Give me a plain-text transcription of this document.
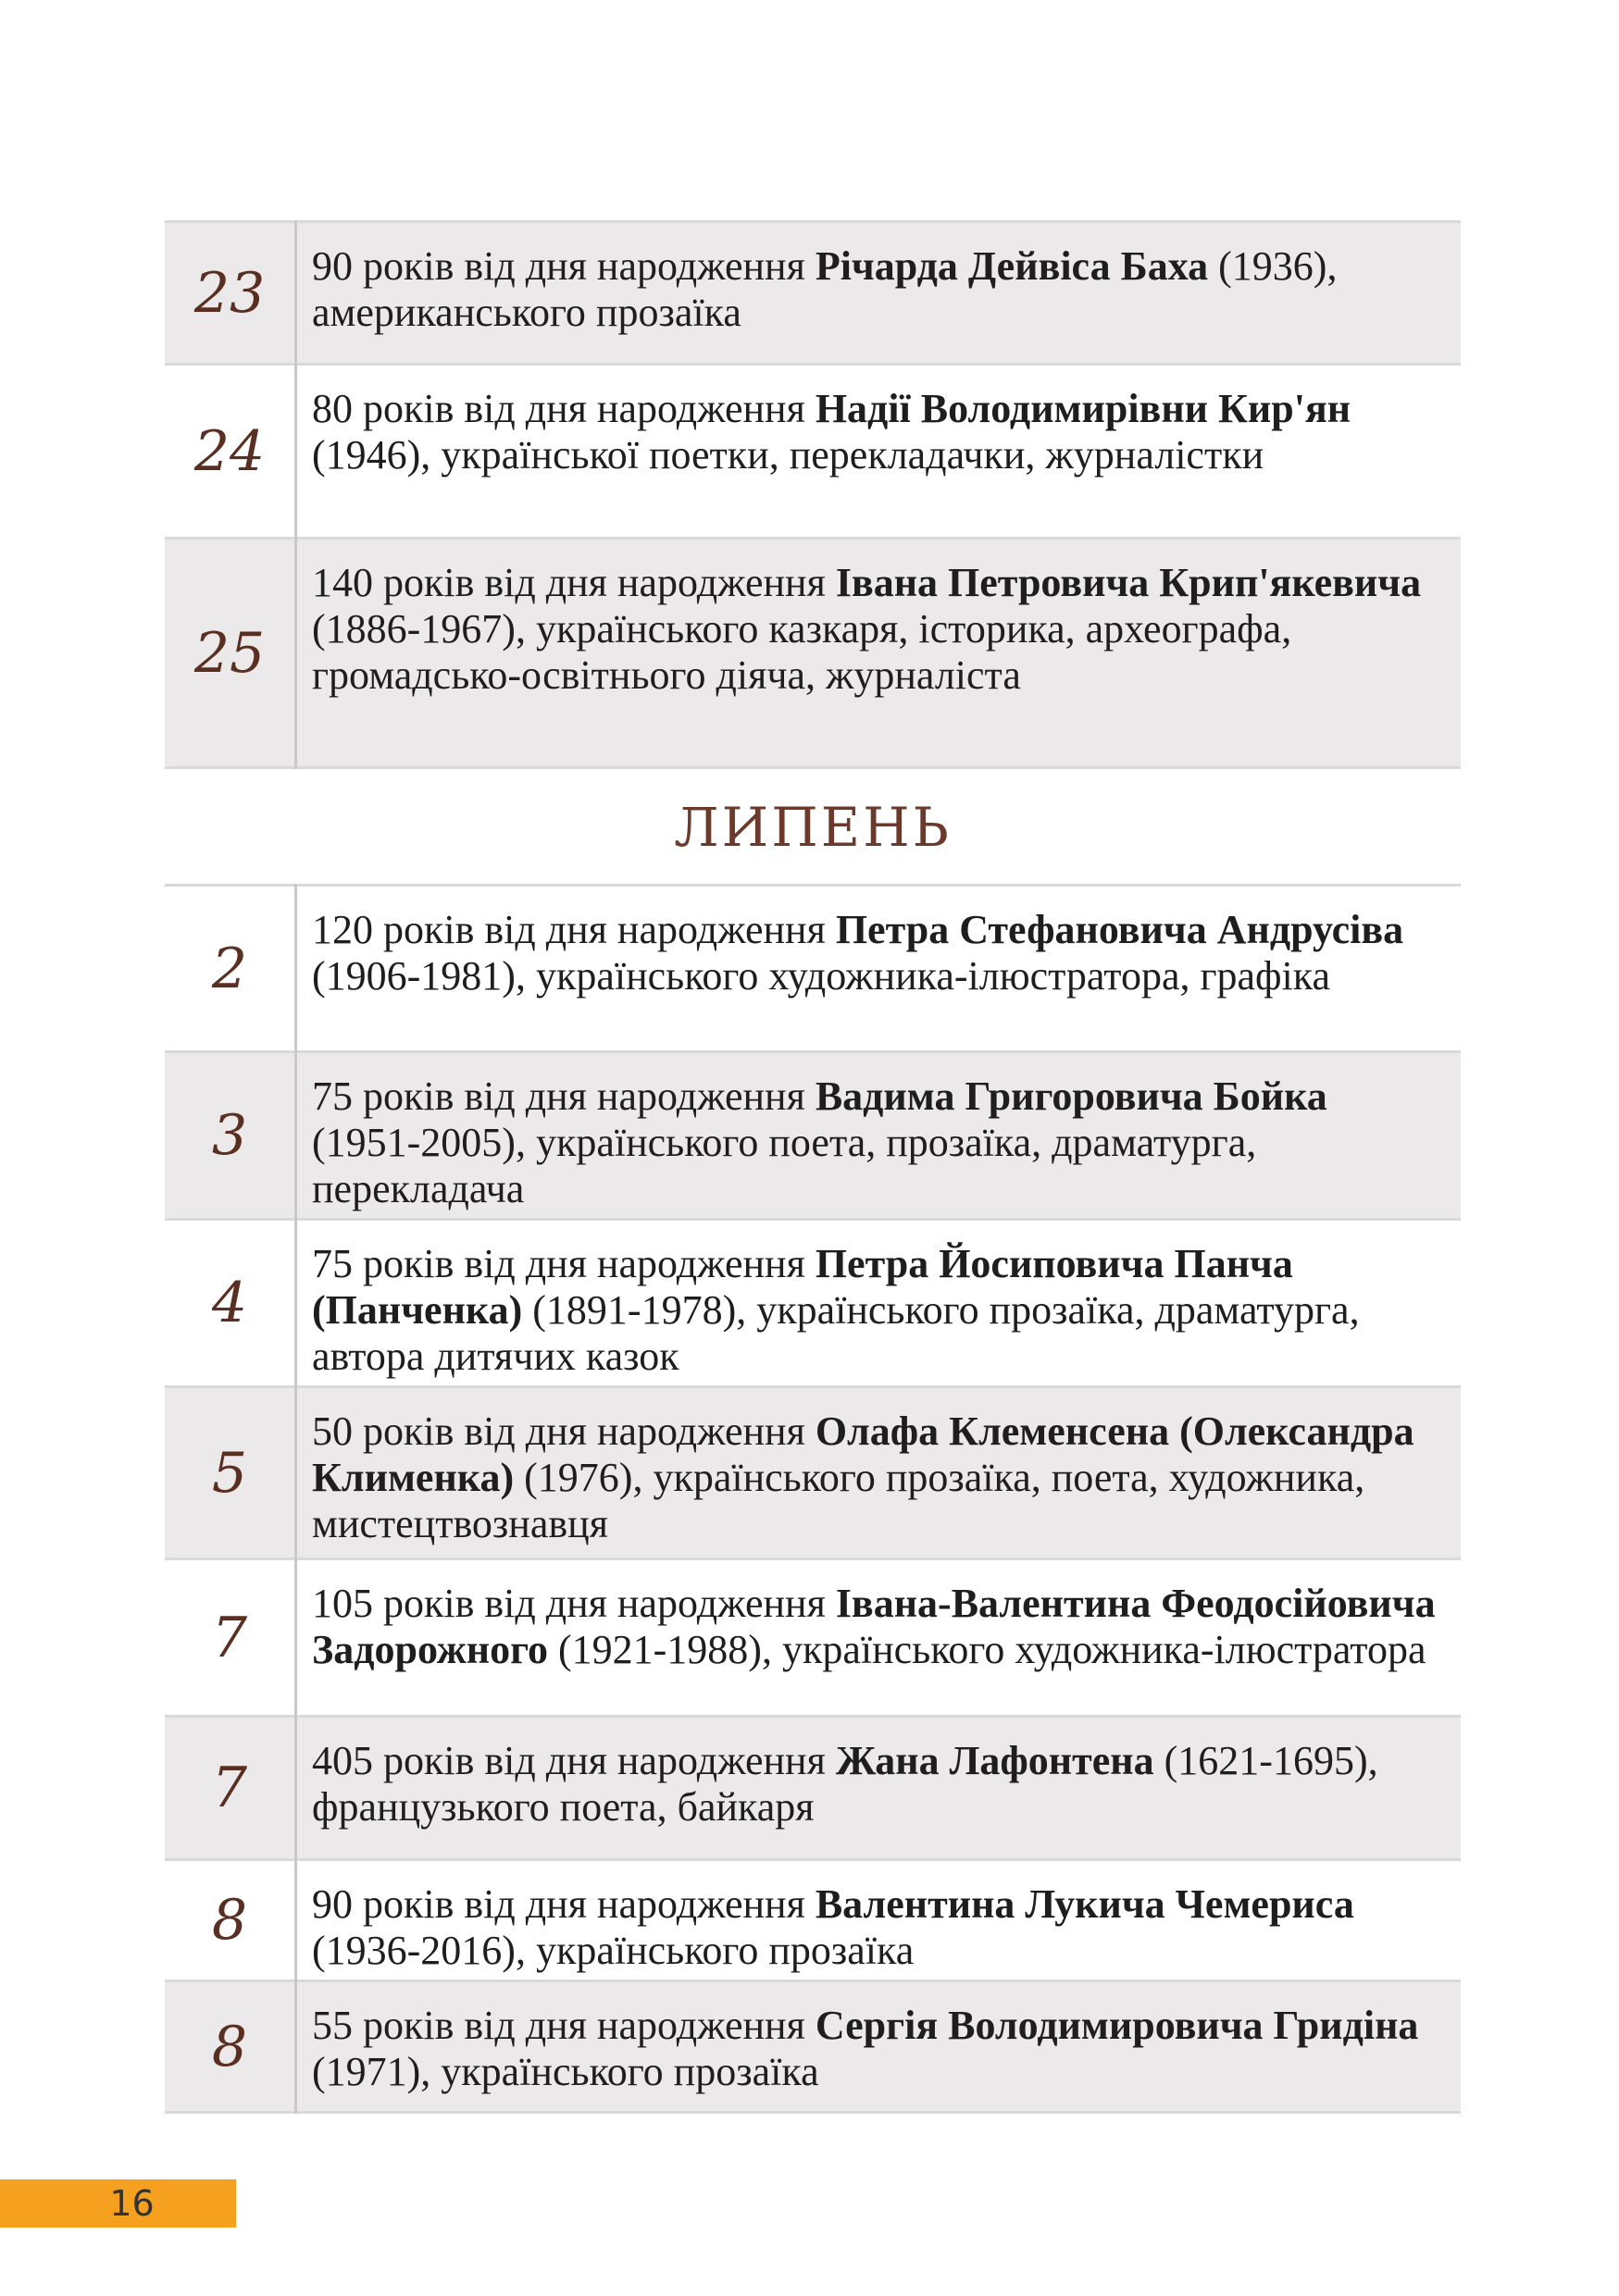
23	90 років від дня народження Річарда Дейвіса Баха (1936), американського прозаїка
24	80 років від дня народження Надії Володимирівни Кир'ян (1946), української поетки, перекладачки, журналістки
25	140 років від дня народження Івана Петровича Крип'якевича (1886-1967), українського казкаря, історика, археографа, громадсько-освітнього діяча, журналіста
ЛИПЕНЬ
2	120 років від дня народження Петра Стефановича Андрусіва (1906-1981), українського художника-ілюстратора, графіка
3	75 років від дня народження Вадима Григоровича Бойка (1951-2005), українського поета, прозаїка, драматурга, перекладача
4	75 років від дня народження Петра Йосиповича Панча (Панченка) (1891-1978), українського прозаїка, драматурга, автора дитячих казок
5	50 років від дня народження Олафа Клеменсена (Олександра Клименка) (1976), українського прозаїка, поета, художника, мистецтвознавця
7	105 років від дня народження Івана-Валентина Феодосійовича Задорожного (1921-1988), українського художника-ілюстратора
7	405 років від дня народження Жана Лафонтена (1621-1695), французького поета, байкаря
8	90 років від дня народження Валентина Лукича Чемериса (1936-2016), українського прозаїка
8	55 років від дня народження Сергія Володимировича Гридіна (1971), українського прозаїка
16
